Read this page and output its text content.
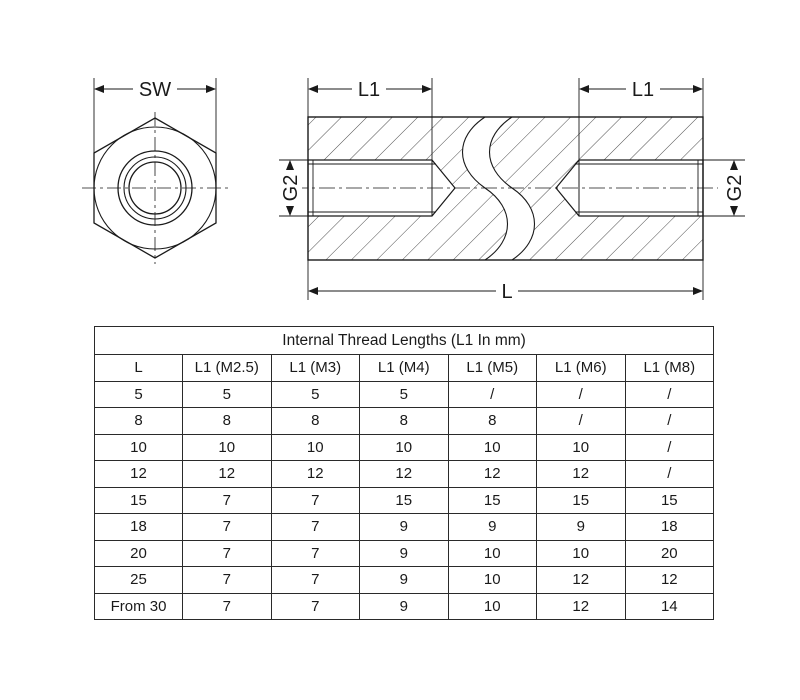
SW	L1	L1
G2	G2
L
Internal Thread Lengths (L1 In mm)						
L	L1 (M2.5)	L1 (M3)	L1 (M4)	L1 (M5)	L1 (M6)	L1 (M8)
5	5	5	5	/	/	/
8	8	8	8	8	/	/
10	10	10	10	10	10	/
12	12	12	12	12	12	/
15	7	7	15	15	15	15
18	7	7	9	9	9	18
20	7	7	9	10	10	20
25	7	7	9	10	12	12
From 30	7	7	9	10	12	14
